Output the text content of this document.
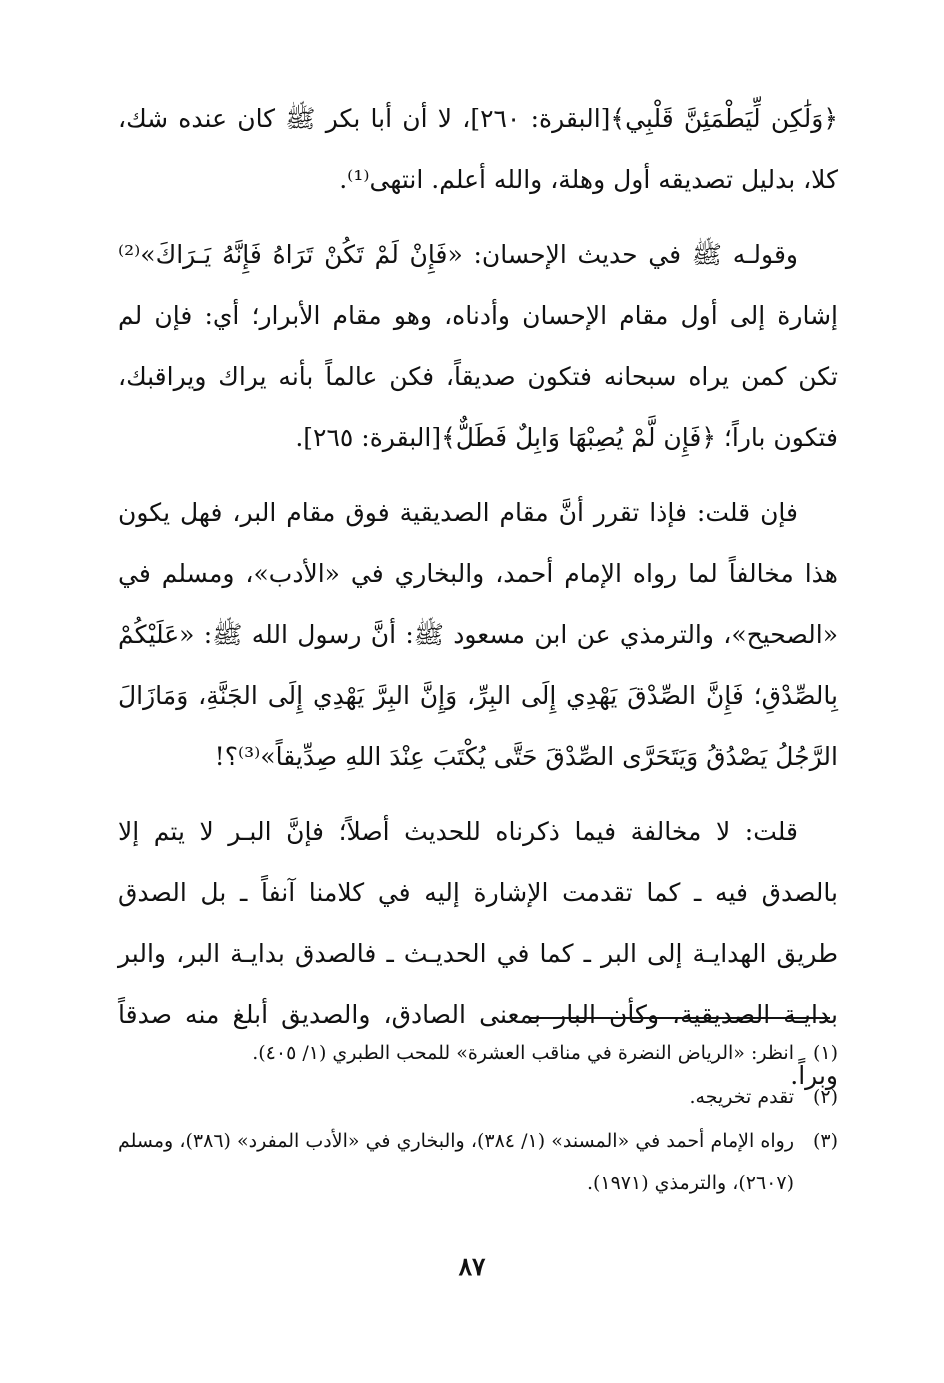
﴿وَلَٰكِن لِّيَطْمَئِنَّ قَلْبِي﴾[البقرة: ٢٦٠]، لا أن أبا بكر ﷺ كان عنده شك، كلا، بدليل تصديقه أول وهلة، والله أعلم. انتهى⁽¹⁾.

وقولـه ﷺ في حديث الإحسان: «فَإِنْ لَمْ تَكُنْ تَرَاهُ فَإِنَّهُ يَـرَاكَ»⁽²⁾ إشارة إلى أول مقام الإحسان وأدناه، وهو مقام الأبرار؛ أي: فإن لم تكن كمن يراه سبحانه فتكون صديقاً، فكن عالماً بأنه يراك ويراقبك، فتكون باراً؛ ﴿فَإِن لَّمْ يُصِبْهَا وَابِلٌ فَطَلٌّ﴾[البقرة: ٢٦٥].

فإن قلت: فإذا تقرر أنَّ مقام الصديقية فوق مقام البر، فهل يكون هذا مخالفاً لما رواه الإمام أحمد، والبخاري في «الأدب»، ومسلم في «الصحيح»، والترمذي عن ابن مسعود ﷺ: أنَّ رسول الله ﷺ: «عَلَيْكُمْ بِالصِّدْقِ؛ فَإِنَّ الصِّدْقَ يَهْدِي إِلَى البِرِّ، وَإِنَّ البِرَّ يَهْدِي إِلَى الجَنَّةِ، وَمَازَالَ الرَّجُلُ يَصْدُقُ وَيَتَحَرَّى الصِّدْقَ حَتَّى يُكْتَبَ عِنْدَ اللهِ صِدِّيقاً»⁽³⁾؟!

قلت: لا مخالفة فيما ذكرناه للحديث أصلاً؛ فإنَّ البـر لا يتم إلا بالصدق فيه ـ كما تقدمت الإشارة إليه في كلامنا آنفاً ـ بل الصدق طريق الهدايـة إلى البر ـ كما في الحديـث ـ فالصدق بدايـة البر، والبر بدايـة الصديقية، وكأن البار بمعنى الصادق، والصديق أبلغ منه صدقاً وبراً.

(١)
انظر: «الرياض النضرة في مناقب العشرة» للمحب الطبري (١/ ٤٠٥).
(٢)
تقدم تخريجه.
(٣)
رواه الإمام أحمد في «المسند» (١/ ٣٨٤)، والبخاري في «الأدب المفرد» (٣٨٦)، ومسلم (٢٦٠٧)، والترمذي (١٩٧١).
٨٧
